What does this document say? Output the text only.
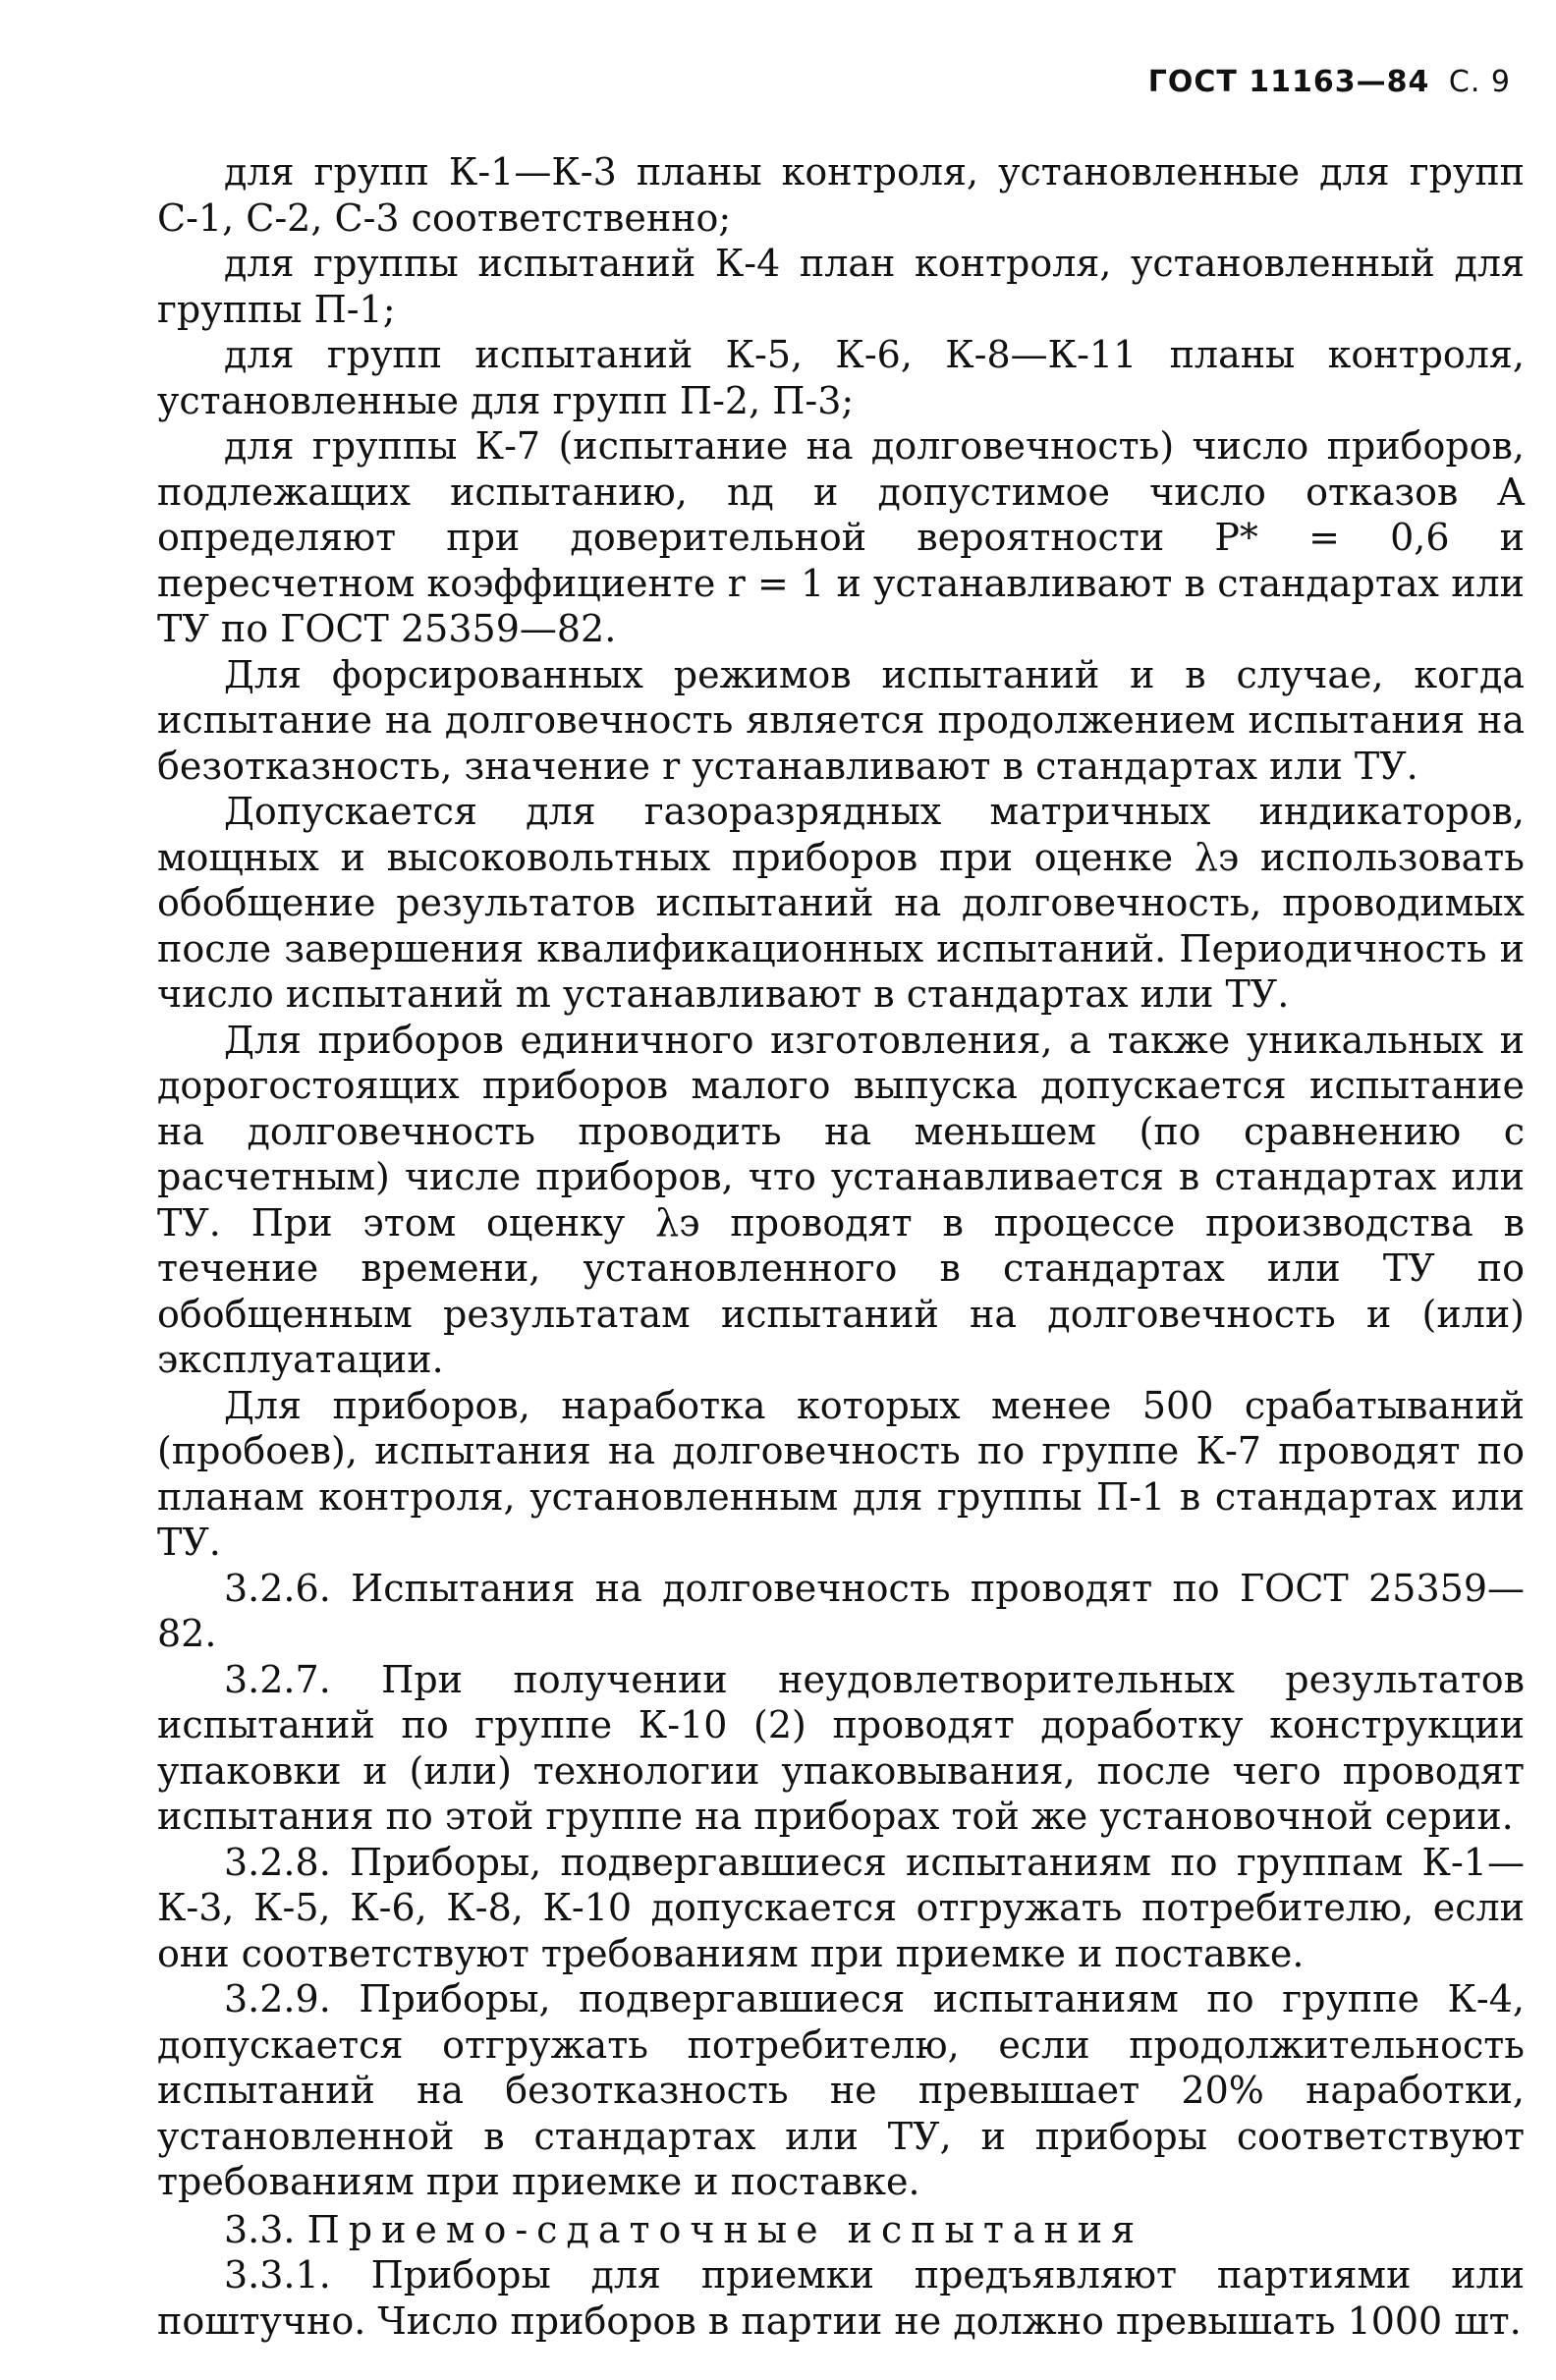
ГОСТ 11163—84 С. 9

для групп К-1—К-3 планы контроля, установленные для групп С-1, С-2, С-3 соответственно;

для группы испытаний К-4 план контроля, установленный для группы П-1;

для групп испытаний К-5, К-6, К-8—К-11 планы контроля, установленные для групп П-2, П-3;

для группы К-7 (испытание на долговечность) число приборов, подлежащих испытанию, nд и допустимое число отказов A определяют при доверительной вероятности P* = 0,6 и пересчетном коэффициенте r = 1 и устанавливают в стандартах или ТУ по ГОСТ 25359—82.

Для форсированных режимов испытаний и в случае, когда испытание на долговечность является продолжением испытания на безотказность, значение r устанавливают в стандартах или ТУ.

Допускается для газоразрядных матричных индикаторов, мощных и высоковольтных приборов при оценке λэ использовать обобщение результатов испытаний на долговечность, проводимых после завершения квалификационных испытаний. Периодичность и число испытаний m устанавливают в стандартах или ТУ.

Для приборов единичного изготовления, а также уникальных и дорогостоящих приборов малого выпуска допускается испытание на долговечность проводить на меньшем (по сравнению с расчетным) числе приборов, что устанавливается в стандартах или ТУ. При этом оценку λэ проводят в процессе производства в течение времени, установленного в стандартах или ТУ по обобщенным результатам испытаний на долговечность и (или) эксплуатации.

Для приборов, наработка которых менее 500 срабатываний (пробоев), испытания на долговечность по группе К-7 проводят по планам контроля, установленным для группы П-1 в стандартах или ТУ.

3.2.6. Испытания на долговечность проводят по ГОСТ 25359—82.

3.2.7. При получении неудовлетворительных результатов испытаний по группе К-10 (2) проводят доработку конструкции упаковки и (или) технологии упаковывания, после чего проводят испытания по этой группе на приборах той же установочной серии.

3.2.8. Приборы, подвергавшиеся испытаниям по группам К-1—К-3, К-5, К-6, К-8, К-10 допускается отгружать потребителю, если они соответствуют требованиям при приемке и поставке.

3.2.9. Приборы, подвергавшиеся испытаниям по группе К-4, допускается отгружать потребителю, если продолжительность испытаний на безотказность не превышает 20% наработки, установленной в стандартах или ТУ, и приборы соответствуют требованиям при приемке и поставке.

3.3. Приемо-сдаточные испытания

3.3.1. Приборы для приемки предъявляют партиями или поштучно. Число приборов в партии не должно превышать 1000 шт.
